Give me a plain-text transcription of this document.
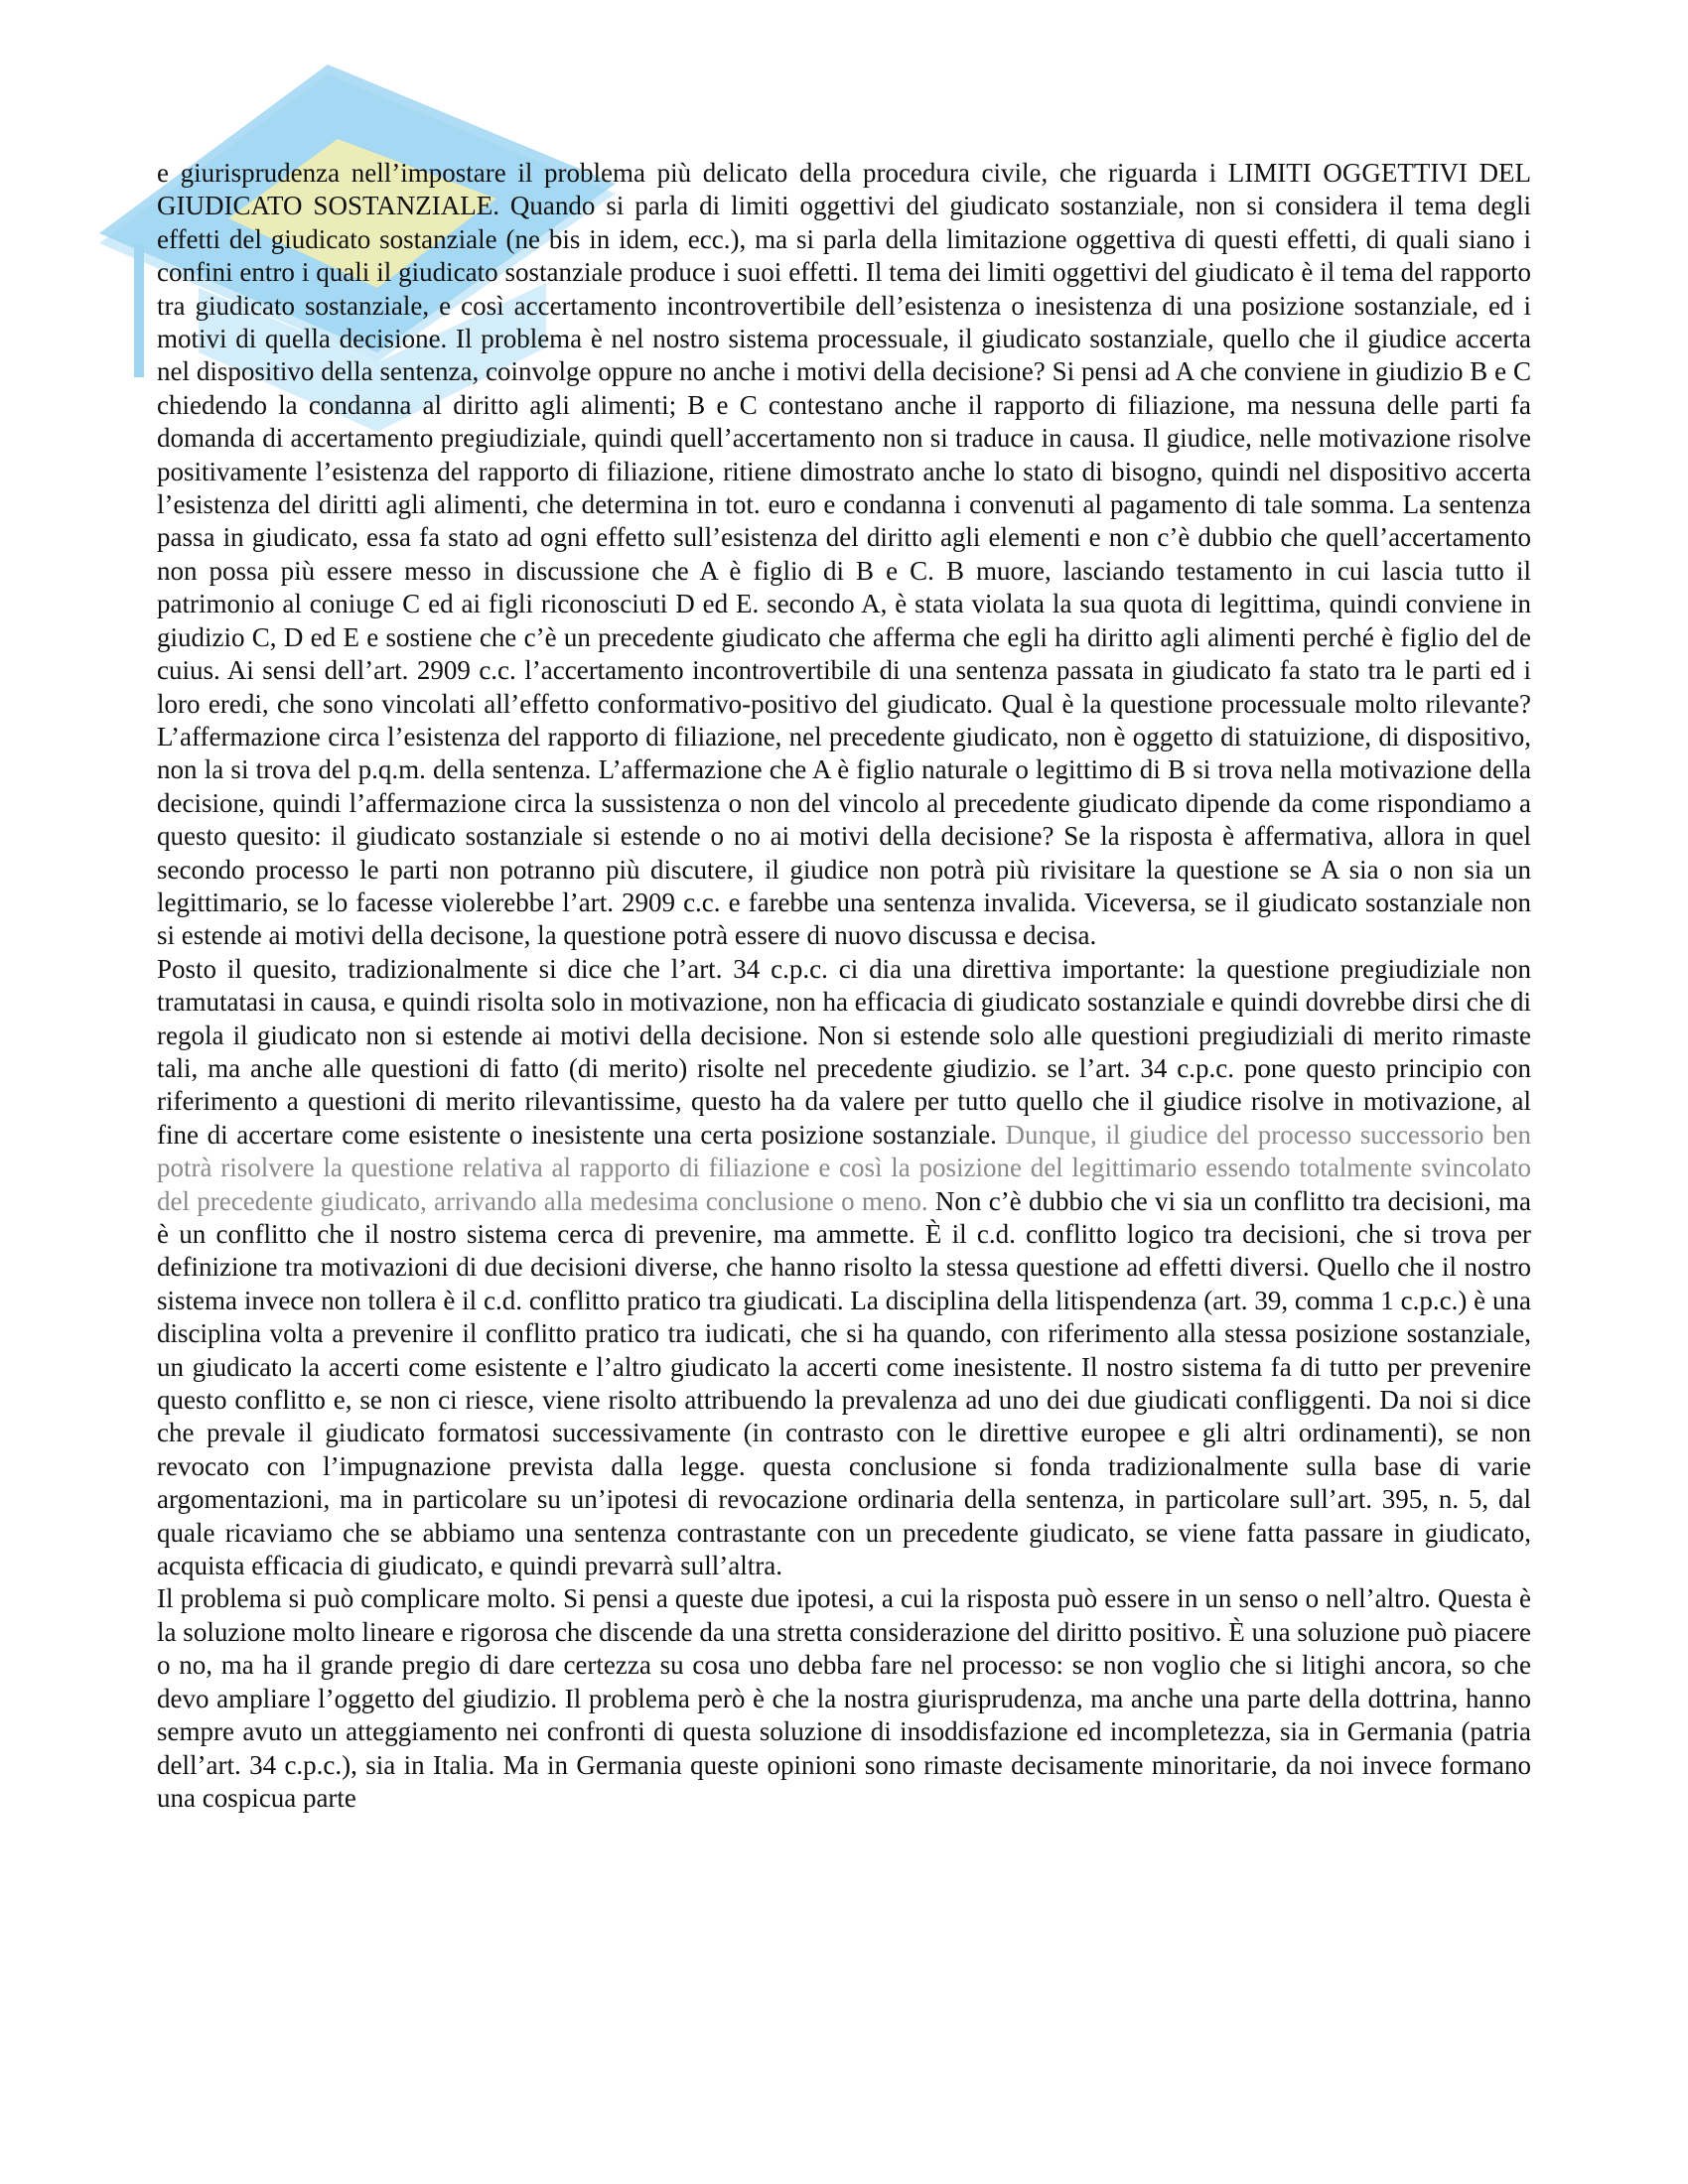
e giurisprudenza nell’impostare il problema più delicato della procedura civile, che riguarda i LIMITI OGGETTIVI DEL GIUDICATO SOSTANZIALE. Quando si parla di limiti oggettivi del giudicato sostanziale, non si considera il tema degli effetti del giudicato sostanziale (ne bis in idem, ecc.), ma si parla della limitazione oggettiva di questi effetti, di quali siano i confini entro i quali il giudicato sostanziale produce i suoi effetti. Il tema dei limiti oggettivi del giudicato è il tema del rapporto tra giudicato sostanziale, e così accertamento incontrovertibile dell’esistenza o inesistenza di una posizione sostanziale, ed i motivi di quella decisione. Il problema è nel nostro sistema processuale, il giudicato sostanziale, quello che il giudice accerta nel dispositivo della sentenza, coinvolge oppure no anche i motivi della decisione? Si pensi ad A che conviene in giudizio B e C chiedendo la condanna al diritto agli alimenti; B e C contestano anche il rapporto di filiazione, ma nessuna delle parti fa domanda di accertamento pregiudiziale, quindi quell’accertamento non si traduce in causa. Il giudice, nelle motivazione risolve positivamente l’esistenza del rapporto di filiazione, ritiene dimostrato anche lo stato di bisogno, quindi nel dispositivo accerta l’esistenza del diritti agli alimenti, che determina in tot. euro e condanna i convenuti al pagamento di tale somma. La sentenza passa in giudicato, essa fa stato ad ogni effetto sull’esistenza del diritto agli elementi e non c’è dubbio che quell’accertamento non possa più essere messo in discussione che A è figlio di B e C. B muore, lasciando testamento in cui lascia tutto il patrimonio al coniuge C ed ai figli riconosciuti D ed E. secondo A, è stata violata la sua quota di legittima, quindi conviene in giudizio C, D ed E e sostiene che c’è un precedente giudicato che afferma che egli ha diritto agli alimenti perché è figlio del de cuius. Ai sensi dell’art. 2909 c.c. l’accertamento incontrovertibile di una sentenza passata in giudicato fa stato tra le parti ed i loro eredi, che sono vincolati all’effetto conformativo-positivo del giudicato. Qual è la questione processuale molto rilevante? L’affermazione circa l’esistenza del rapporto di filiazione, nel precedente giudicato, non è oggetto di statuizione, di dispositivo, non la si trova del p.q.m. della sentenza. L’affermazione che A è figlio naturale o legittimo di B si trova nella motivazione della decisione, quindi l’affermazione circa la sussistenza o non del vincolo al precedente giudicato dipende da come rispondiamo a questo quesito: il giudicato sostanziale si estende o no ai motivi della decisione? Se la risposta è affermativa, allora in quel secondo processo le parti non potranno più discutere, il giudice non potrà più rivisitare la questione se A sia o non sia un legittimario, se lo facesse violerebbe l’art. 2909 c.c. e farebbe una sentenza invalida. Viceversa, se il giudicato sostanziale non si estende ai motivi della decisone, la questione potrà essere di nuovo discussa e decisa.

Posto il quesito, tradizionalmente si dice che l’art. 34 c.p.c. ci dia una direttiva importante: la questione pregiudiziale non tramutatasi in causa, e quindi risolta solo in motivazione, non ha efficacia di giudicato sostanziale e quindi dovrebbe dirsi che di regola il giudicato non si estende ai motivi della decisione. Non si estende solo alle questioni pregiudiziali di merito rimaste tali, ma anche alle questioni di fatto (di merito) risolte nel precedente giudizio. se l’art. 34 c.p.c. pone questo principio con riferimento a questioni di merito rilevantissime, questo ha da valere per tutto quello che il giudice risolve in motivazione, al fine di accertare come esistente o inesistente una certa posizione sostanziale. Dunque, il giudice del processo successorio ben potrà risolvere la questione relativa al rapporto di filiazione e così la posizione del legittimario essendo totalmente svincolato del precedente giudicato, arrivando alla medesima conclusione o meno. Non c’è dubbio che vi sia un conflitto tra decisioni, ma è un conflitto che il nostro sistema cerca di prevenire, ma ammette. È il c.d. conflitto logico tra decisioni, che si trova per definizione tra motivazioni di due decisioni diverse, che hanno risolto la stessa questione ad effetti diversi. Quello che il nostro sistema invece non tollera è il c.d. conflitto pratico tra giudicati. La disciplina della litispendenza (art. 39, comma 1 c.p.c.) è una disciplina volta a prevenire il conflitto pratico tra iudicati, che si ha quando, con riferimento alla stessa posizione sostanziale, un giudicato la accerti come esistente e l’altro giudicato la accerti come inesistente. Il nostro sistema fa di tutto per prevenire questo conflitto e, se non ci riesce, viene risolto attribuendo la prevalenza ad uno dei due giudicati confliggenti. Da noi si dice che prevale il giudicato formatosi successivamente (in contrasto con le direttive europee e gli altri ordinamenti), se non revocato con l’impugnazione prevista dalla legge. questa conclusione si fonda tradizionalmente sulla base di varie argomentazioni, ma in particolare su un’ipotesi di revocazione ordinaria della sentenza, in particolare sull’art. 395, n. 5, dal quale ricaviamo che se abbiamo una sentenza contrastante con un precedente giudicato, se viene fatta passare in giudicato, acquista efficacia di giudicato, e quindi prevarrà sull’altra.

Il problema si può complicare molto. Si pensi a queste due ipotesi, a cui la risposta può essere in un senso o nell’altro. Questa è la soluzione molto lineare e rigorosa che discende da una stretta considerazione del diritto positivo. È una soluzione può piacere o no, ma ha il grande pregio di dare certezza su cosa uno debba fare nel processo: se non voglio che si litighi ancora, so che devo ampliare l’oggetto del giudizio. Il problema però è che la nostra giurisprudenza, ma anche una parte della dottrina, hanno sempre avuto un atteggiamento nei confronti di questa soluzione di insoddisfazione ed incompletezza, sia in Germania (patria dell’art. 34 c.p.c.), sia in Italia. Ma in Germania queste opinioni sono rimaste decisamente minoritarie, da noi invece formano una cospicua parte
